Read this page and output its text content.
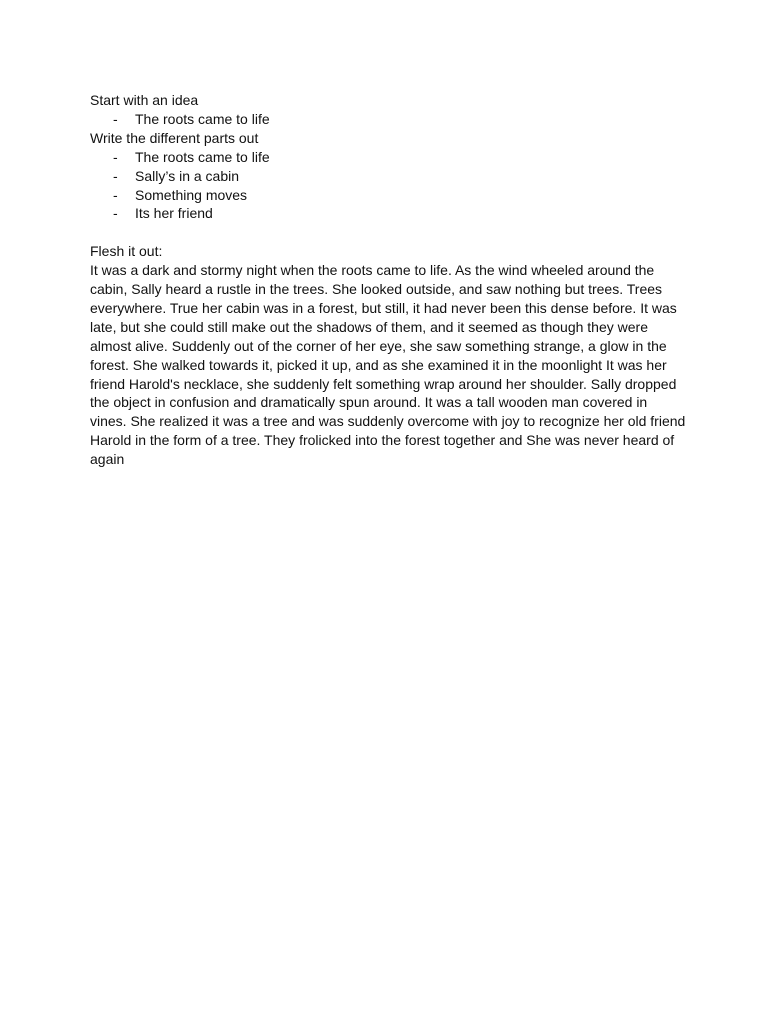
Start with an idea
- The roots came to life
Write the different parts out
- The roots came to life
- Sally’s in a cabin
- Something moves
- Its her friend
Flesh it out:
It was a dark and stormy night when the roots came to life. As the wind wheeled around the
cabin, Sally heard a rustle in the trees. She looked outside, and saw nothing but trees. Trees
everywhere. True her cabin was in a forest, but still, it had never been this dense before. It was
late, but she could still make out the shadows of them, and it seemed as though they were
almost alive. Suddenly out of the corner of her eye, she saw something strange, a glow in the
forest. She walked towards it, picked it up, and as she examined it in the moonlight It was her
friend Harold's necklace, she suddenly felt something wrap around her shoulder. Sally dropped
the object in confusion and dramatically spun around. It was a tall wooden man covered in
vines. She realized it was a tree and was suddenly overcome with joy to recognize her old friend
Harold in the form of a tree. They frolicked into the forest together and She was never heard of
again
